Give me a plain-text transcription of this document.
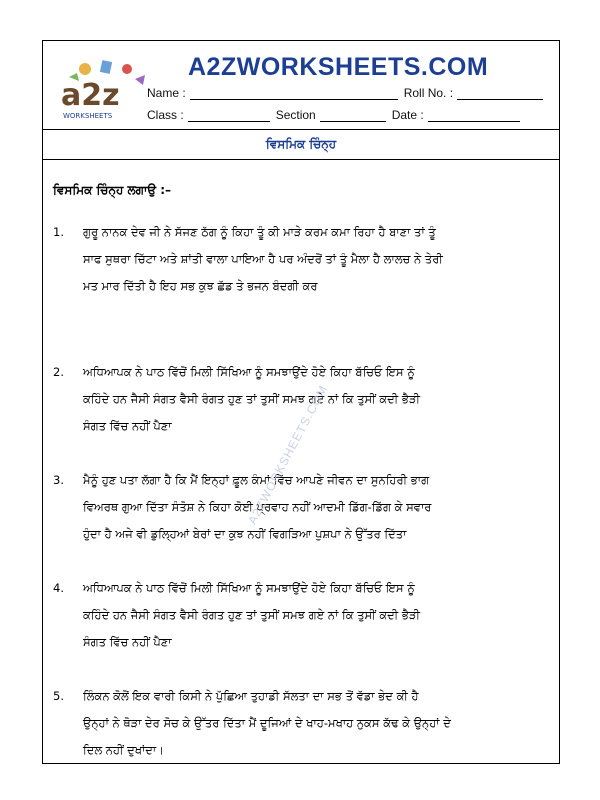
a2z
WORKSHEETS
A2ZWORKSHEETS.COM
Name :	Roll No. :
Class :	Section	Date :
ਵਿਸਮਿਕ ਚਿੰਨ੍ਹ
ਵਿਸਮਿਕ ਚਿੰਨ੍ਹ ਲਗਾਉ :–
1.	ਗੁਰੂ ਨਾਨਕ ਦੇਵ ਜੀ ਨੇ ਸੱਜਣ ਠੱਗ ਨੂੰ ਕਿਹਾ ਤੂੰ ਕੀ ਮਾੜੇ ਕਰਮ ਕਮਾ ਰਿਹਾ ਹੈ ਬਾਣਾ ਤਾਂ ਤੂੰ
ਸਾਫ ਸੁਥਰਾ ਚਿੱਟਾ ਅਤੇ ਸ਼ਾਂਤੀ ਵਾਲਾ ਪਾਇਆ ਹੈ ਪਰ ਅੰਦਰੋਂ ਤਾਂ ਤੂੰ ਮੈਲਾ ਹੈ ਲਾਲਚ ਨੇ ਤੇਰੀ
ਮਤ ਮਾਰ ਦਿੱਤੀ ਹੈ ਇਹ ਸਭ ਕੁਝ ਛੱਡ ਤੇ ਭਜਨ ਬੰਦਗੀ ਕਰ
2.	ਅਧਿਆਪਕ ਨੇ ਪਾਠ ਵਿੱਚੋਂ ਮਿਲੀ ਸਿੱਖਿਆ ਨੂੰ ਸਮਝਾਉਂਦੇ ਹੋਏ ਕਿਹਾ ਬੱਚਿਓ ਇਸ ਨੂੰ
ਕਹਿੰਦੇ ਹਨ ਜੈਸੀ ਸੰਗਤ ਵੈਸੀ ਰੰਗਤ ਹੁਣ ਤਾਂ ਤੁਸੀਂ ਸਮਝ ਗਏ ਨਾਂ ਕਿ ਤੁਸੀਂ ਕਦੀ ਭੈੜੀ
ਸੰਗਤ ਵਿੱਚ ਨਹੀਂ ਪੈਣਾ
3.	ਮੈਨੂੰ ਹੁਣ ਪਤਾ ਲੱਗਾ ਹੈ ਕਿ ਮੈਂ ਇਨ੍ਹਾਂ ਫ਼ੂਲ ਕੰਮਾਂ ਵਿੱਚ ਆਪਣੇ ਜੀਵਨ ਦਾ ਸੁਨਹਿਰੀ ਭਾਗ
ਵਿਅਰਥ ਗੁਆ ਦਿੱਤਾ ਸੰਤੋਸ਼ ਨੇ ਕਿਹਾ ਕੋਈ ਪ੍ਰਵਾਹ ਨਹੀਂ ਆਦਮੀ ਡਿੱਗ-ਡਿੱਗ ਕੇ ਸਵਾਰ
ਹੁੰਦਾ ਹੈ ਅਜੇ ਵੀ ਡੁਲ੍ਹਿਆਂ ਬੇਰਾਂ ਦਾ ਕੁਝ ਨਹੀਂ ਵਿਗੜਿਆ ਪੁਸ਼ਪਾ ਨੇ ਉੱਤਰ ਦਿੱਤਾ
4.	ਅਧਿਆਪਕ ਨੇ ਪਾਠ ਵਿੱਚੋਂ ਮਿਲੀ ਸਿੱਖਿਆ ਨੂੰ ਸਮਝਾਉਂਦੇ ਹੋਏ ਕਿਹਾ ਬੱਚਿਓ ਇਸ ਨੂੰ
ਕਹਿੰਦੇ ਹਨ ਜੈਸੀ ਸੰਗਤ ਵੈਸੀ ਰੰਗਤ ਹੁਣ ਤਾਂ ਤੁਸੀਂ ਸਮਝ ਗਏ ਨਾਂ ਕਿ ਤੁਸੀਂ ਕਦੀ ਭੈੜੀ
ਸੰਗਤ ਵਿੱਚ ਨਹੀਂ ਪੈਣਾ
5.	ਲਿੰਕਨ ਕੋਲੋਂ ਇਕ ਵਾਰੀ ਕਿਸੀ ਨੇ ਪੁੱਛਿਆ ਤੁਹਾਡੀ ਸੱਲਤਾ ਦਾ ਸਭ ਤੋਂ ਵੱਡਾ ਭੇਦ ਕੀ ਹੈ
ਉਨ੍ਹਾਂ ਨੇ ਥੋੜਾ ਦੇਰ ਸੋਚ ਕੇ ਉੱਤਰ ਦਿੱਤਾ ਮੈਂ ਦੂਜਿਆਂ ਦੇ ਖਾਹ-ਮਖਾਹ ਨੁਕਸ ਕੱਢ ਕੇ ਉਨ੍ਹਾਂ ਦੇ
ਦਿਲ ਨਹੀਂ ਦੁਖਾਂਦਾ।
A2ZWORKSHEETS.COM
